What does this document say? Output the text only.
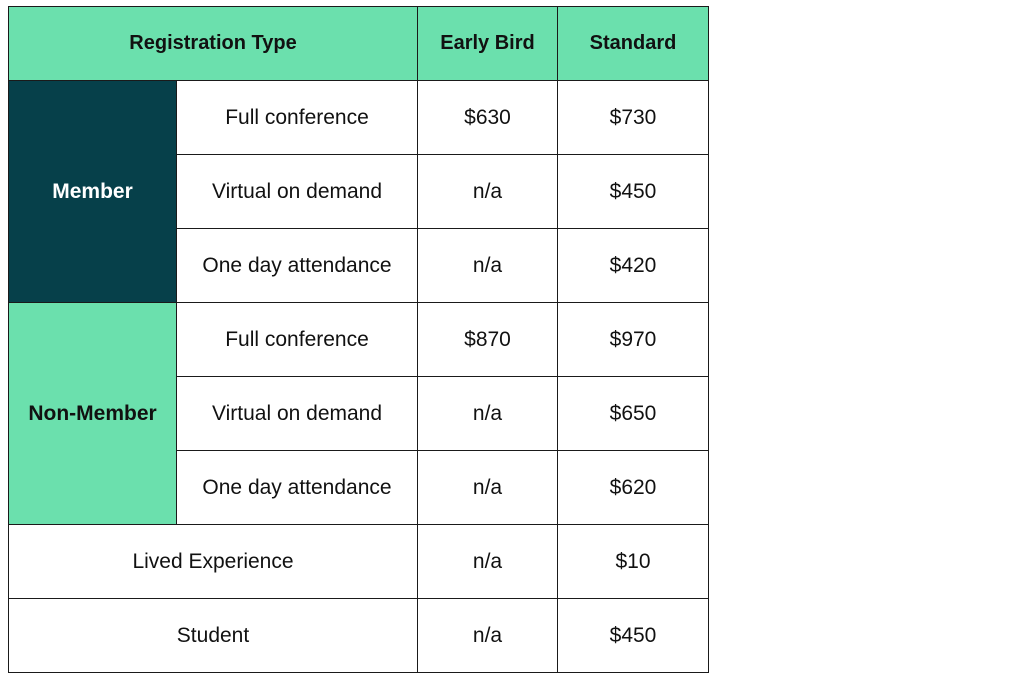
Registration Type		Early Bird	Standard
Member	Full conference	$630	$730
	Virtual on demand	n/a	$450
	One day attendance	n/a	$420
Non-Member	Full conference	$870	$970
	Virtual on demand	n/a	$650
	One day attendance	n/a	$620
Lived Experience		n/a	$10
Student		n/a	$450
